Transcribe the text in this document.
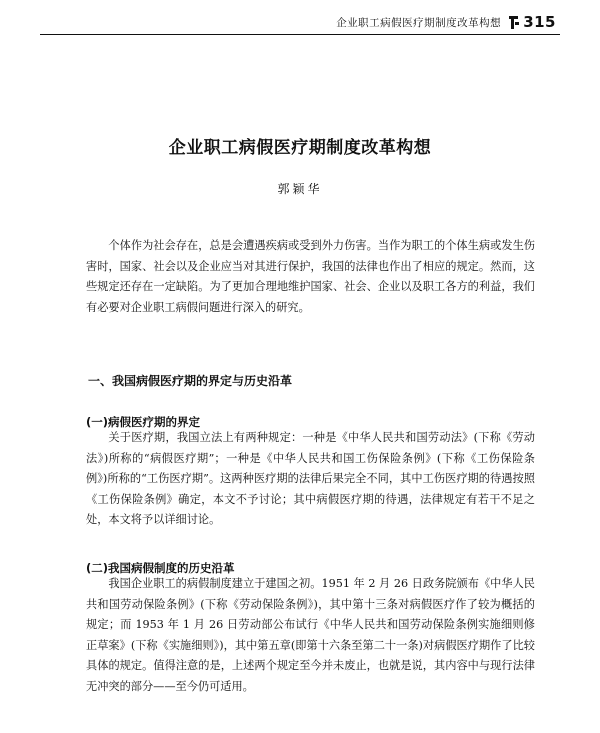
企业职工病假医疗期制度改革构想 315
企业职工病假医疗期制度改革构想
郭颖华

个体作为社会存在，总是会遭遇疾病或受到外力伤害。当作为职工的个体生病或发生伤害时，国家、社会以及企业应当对其进行保护，我国的法律也作出了相应的规定。然而，这些规定还存在一定缺陷。为了更加合理地维护国家、社会、企业以及职工各方的利益，我们有必要对企业职工病假问题进行深入的研究。

一、我国病假医疗期的界定与历史沿革
(一)病假医疗期的界定

关于医疗期，我国立法上有两种规定：一种是《中华人民共和国劳动法》(下称《劳动法》)所称的“病假医疗期”；一种是《中华人民共和国工伤保险条例》(下称《工伤保险条例》)所称的“工伤医疗期”。这两种医疗期的法律后果完全不同，其中工伤医疗期的待遇按照《工伤保险条例》确定，本文不予讨论；其中病假医疗期的待遇，法律规定有若干不足之处，本文将予以详细讨论。

(二)我国病假制度的历史沿革

我国企业职工的病假制度建立于建国之初。1951 年 2 月 26 日政务院颁布《中华人民共和国劳动保险条例》(下称《劳动保险条例》)，其中第十三条对病假医疗作了较为概括的规定；而 1953 年 1 月 26 日劳动部公布试行《中华人民共和国劳动保险条例实施细则修正草案》(下称《实施细则》)，其中第五章(即第十六条至第二十一条)对病假医疗期作了比较具体的规定。值得注意的是，上述两个规定至今并未废止，也就是说，其内容中与现行法律无冲突的部分——至今仍可适用。
